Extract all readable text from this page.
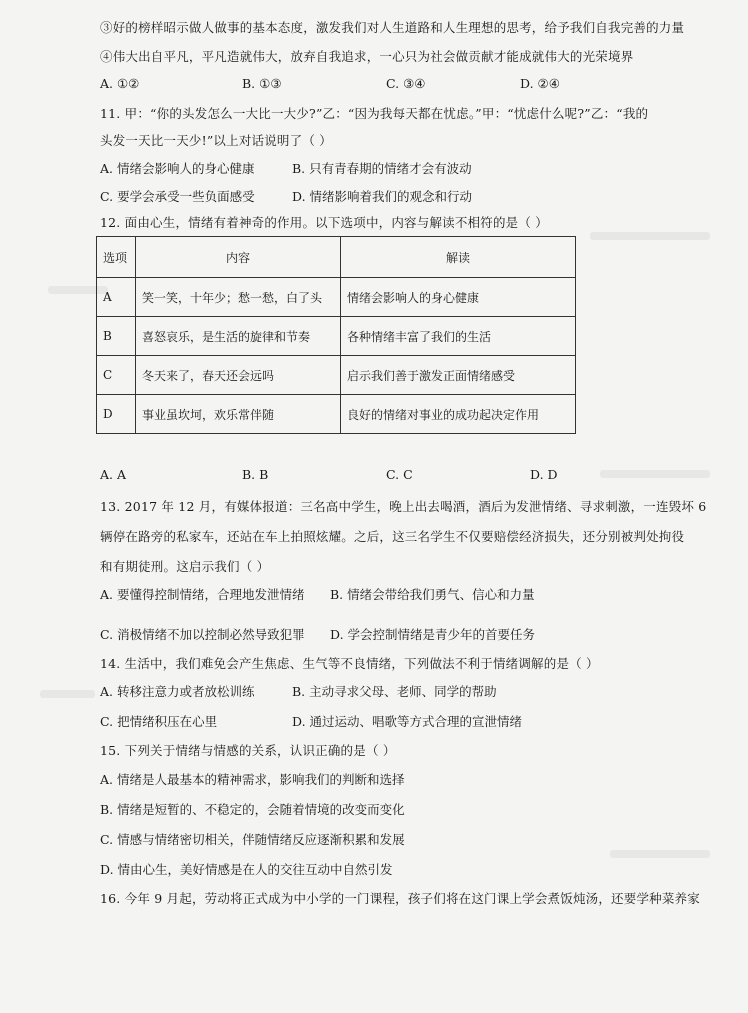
③好的榜样昭示做人做事的基本态度，激发我们对人生道路和人生理想的思考，给予我们自我完善的力量
④伟大出自平凡，平凡造就伟大，放弃自我追求，一心只为社会做贡献才能成就伟大的光荣境界
A. ①②	B. ①③	C. ③④	D. ②④
11. 甲：“你的头发怎么一大比一大少?”乙：“因为我每天都在忧虑。”甲：“忧虑什么呢?”乙：“我的
头发一天比一天少!”以上对话说明了（ ）
A. 情绪会影响人的身心健康	B. 只有青春期的情绪才会有波动
C. 要学会承受一些负面感受	D. 情绪影响着我们的观念和行动
12. 面由心生，情绪有着神奇的作用。以下选项中，内容与解读不相符的是（ ）
选项	内容	解读
A	笑一笑，十年少；愁一愁，白了头	情绪会影响人的身心健康
B	喜怒哀乐，是生活的旋律和节奏	各种情绪丰富了我们的生活
C	冬天来了，春天还会远吗	启示我们善于激发正面情绪感受
D	事业虽坎坷，欢乐常伴随	良好的情绪对事业的成功起决定作用
A. A	B. B	C. C	D. D
13. 2017 年 12 月，有媒体报道：三名高中学生，晚上出去喝酒，酒后为发泄情绪、寻求刺激，一连毁坏 6
辆停在路旁的私家车，还站在车上拍照炫耀。之后，这三名学生不仅要赔偿经济损失，还分别被判处拘役
和有期徒刑。这启示我们（ ）
A. 要懂得控制情绪，合理地发泄情绪 B. 情绪会带给我们勇气、信心和力量
C. 消极情绪不加以控制必然导致犯罪 D. 学会控制情绪是青少年的首要任务
14. 生活中，我们难免会产生焦虑、生气等不良情绪，下列做法不利于情绪调解的是（ ）
A. 转移注意力或者放松训练	B. 主动寻求父母、老师、同学的帮助
C. 把情绪积压在心里	D. 通过运动、唱歌等方式合理的宣泄情绪
15. 下列关于情绪与情感的关系，认识正确的是（ ）
A. 情绪是人最基本的精神需求，影响我们的判断和选择
B. 情绪是短暂的、不稳定的，会随着情境的改变而变化
C. 情感与情绪密切相关，伴随情绪反应逐渐积累和发展
D. 情由心生，美好情感是在人的交往互动中自然引发
16. 今年 9 月起，劳动将正式成为中小学的一门课程，孩子们将在这门课上学会煮饭炖汤，还要学种菜养家
